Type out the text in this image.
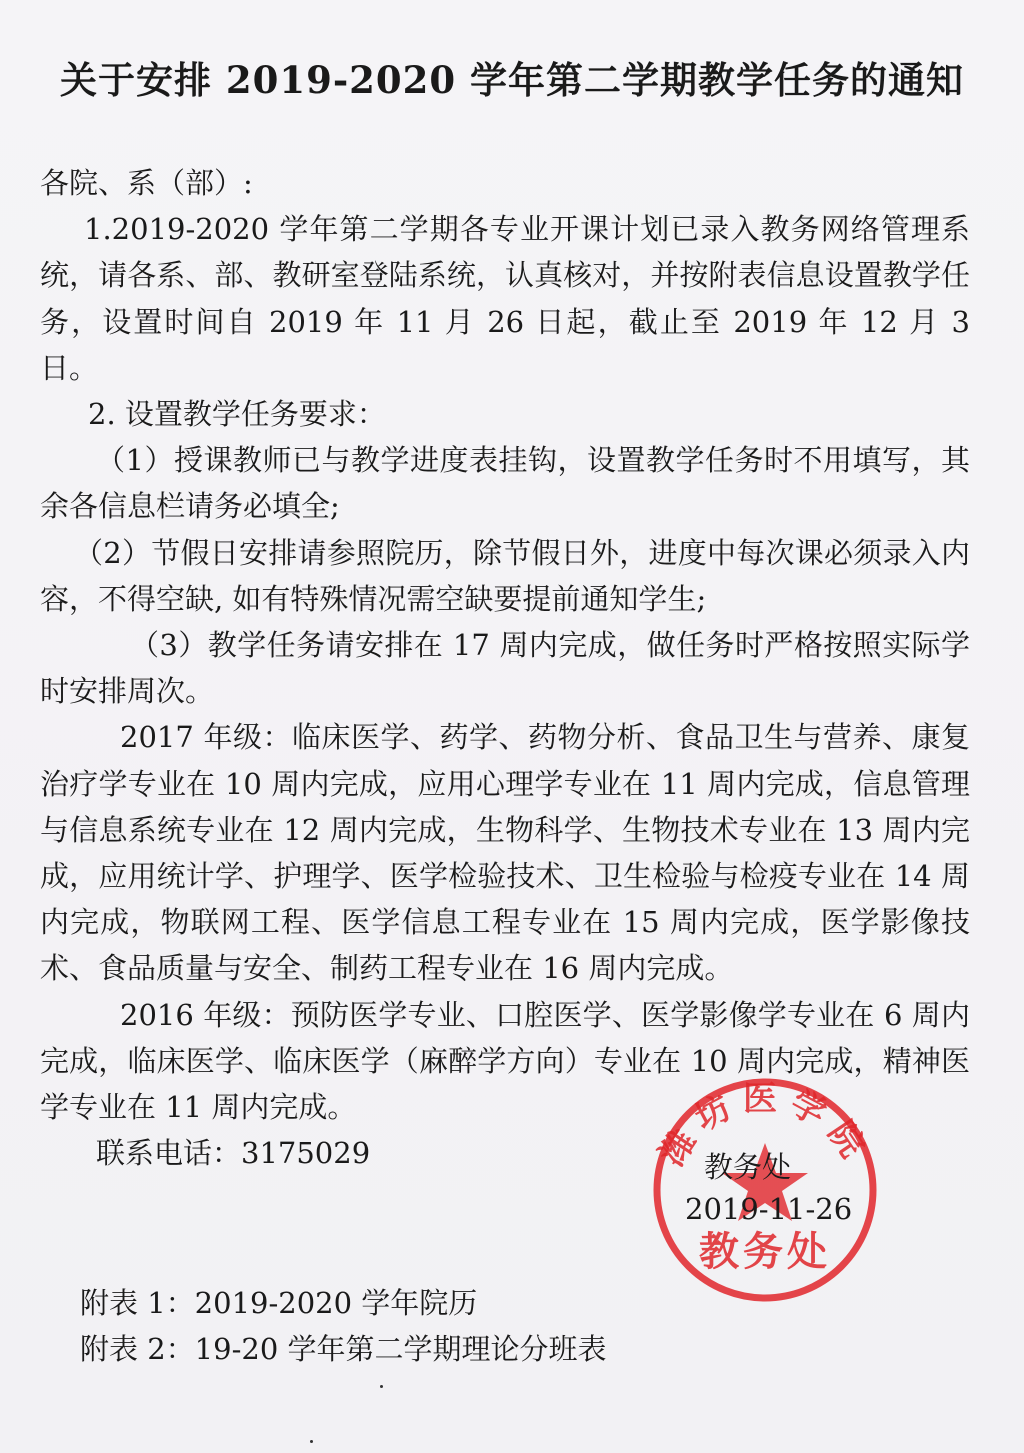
关于安排 2019-2020 学年第二学期教学任务的通知

各院、系（部）:

1.2019-2020 学年第二学期各专业开课计划已录入教务网络管理系统，请各系、部、教研室登陆系统，认真核对，并按附表信息设置教学任务，设置时间自 2019 年 11 月 26 日起，截止至 2019 年 12 月 3 日。

2. 设置教学任务要求：

（1）授课教师已与教学进度表挂钩，设置教学任务时不用填写，其余各信息栏请务必填全;

（2）节假日安排请参照院历，除节假日外，进度中每次课必须录入内容，不得空缺, 如有特殊情况需空缺要提前通知学生;

（3）教学任务请安排在 17 周内完成，做任务时严格按照实际学时安排周次。

2017 年级：临床医学、药学、药物分析、食品卫生与营养、康复治疗学专业在 10 周内完成，应用心理学专业在 11 周内完成，信息管理与信息系统专业在 12 周内完成，生物科学、生物技术专业在 13 周内完成，应用统计学、护理学、医学检验技术、卫生检验与检疫专业在 14 周内完成，物联网工程、医学信息工程专业在 15 周内完成，医学影像技术、食品质量与安全、制药工程专业在 16 周内完成。

2016 年级：预防医学专业、口腔医学、医学影像学专业在 6 周内完成，临床医学、临床医学（麻醉学方向）专业在 10 周内完成，精神医学专业在 11 周内完成。

联系电话：3175029	潍坊医学院
教务处
教务处
2019-11-26
附表 1：2019-2020 学年院历
附表 2：19-20 学年第二学期理论分班表
